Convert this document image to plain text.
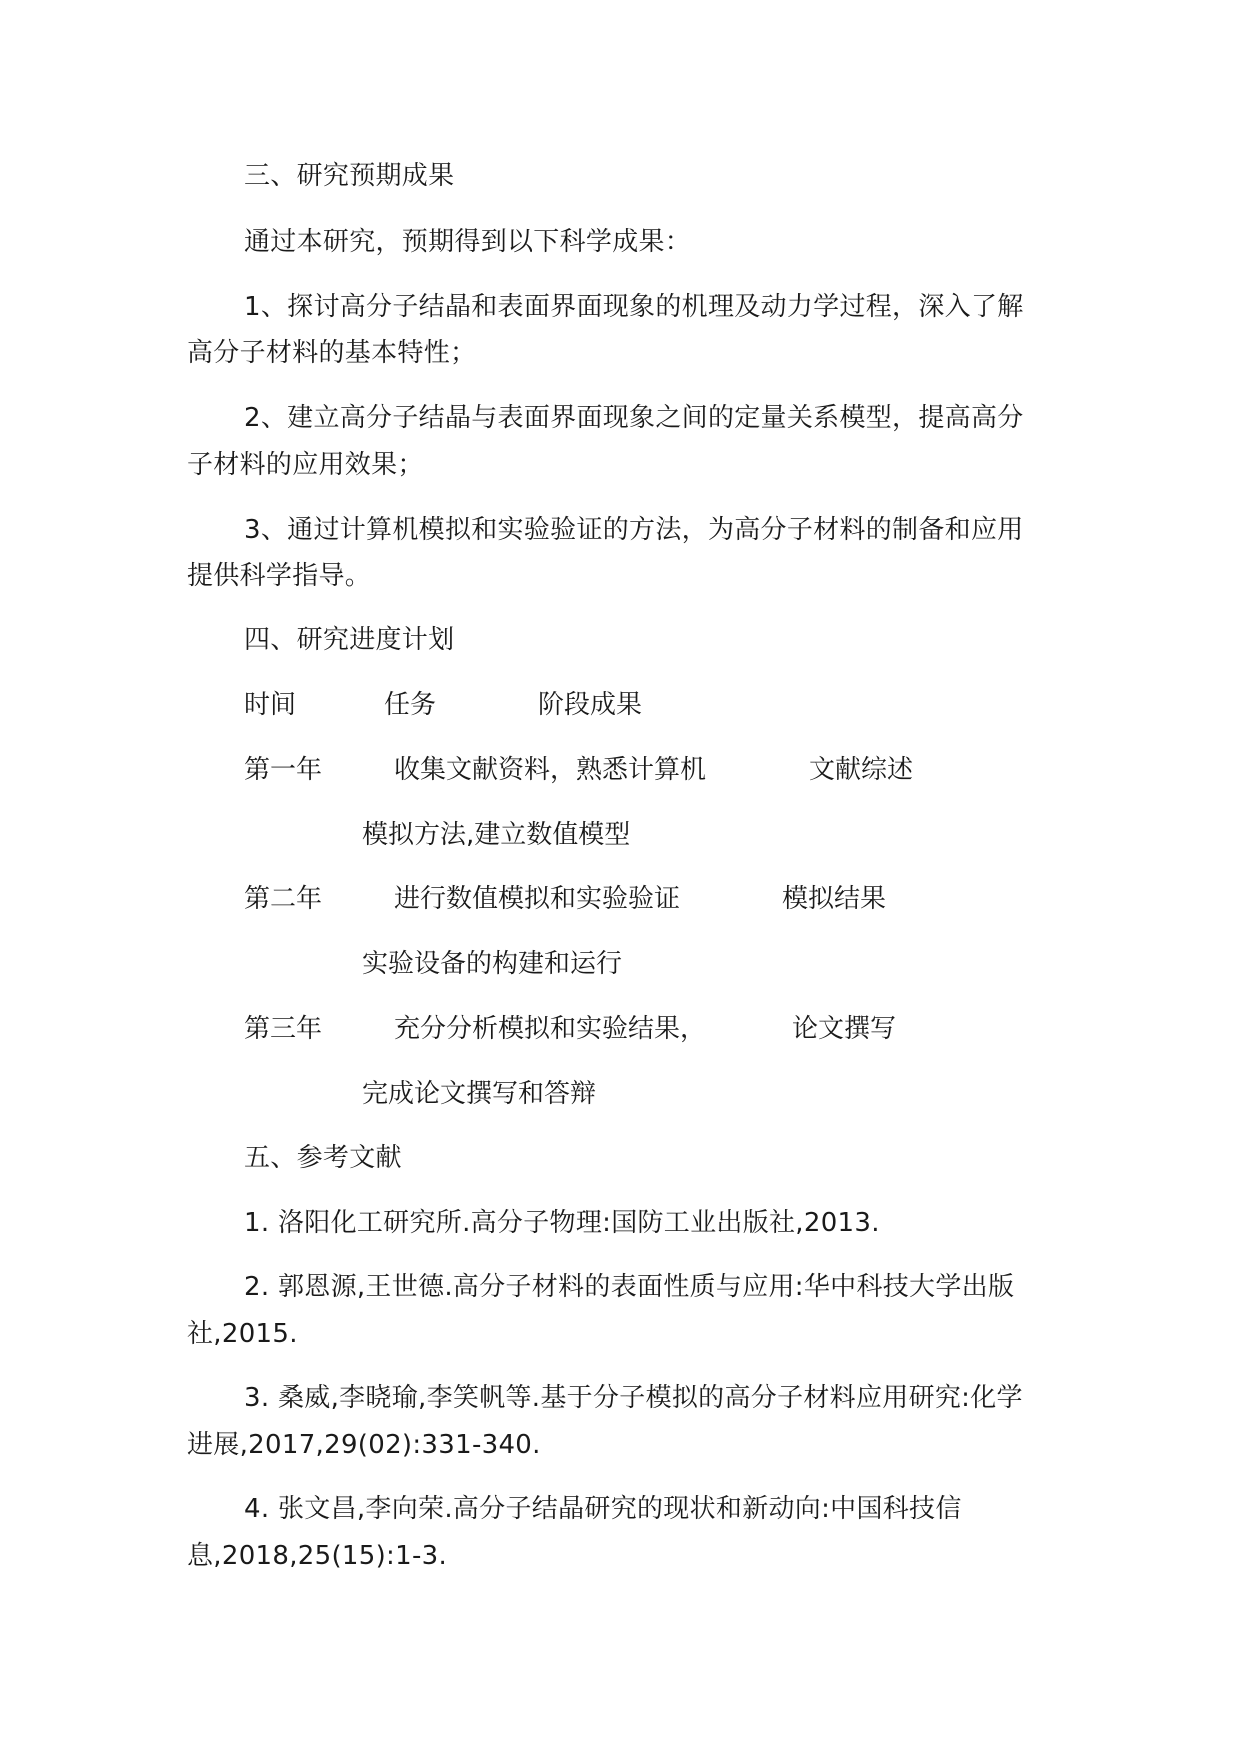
三、研究预期成果
通过本研究，预期得到以下科学成果：
1、探讨高分子结晶和表面界面现象的机理及动力学过程，深入了解
高分子材料的基本特性；
2、建立高分子结晶与表面界面现象之间的定量关系模型，提高高分
子材料的应用效果；
3、通过计算机模拟和实验验证的方法，为高分子材料的制备和应用
提供科学指导。
四、研究进度计划
时间	任务	阶段成果
第一年	收集文献资料，熟悉计算机	文献综述
模拟方法,建立数值模型
第二年	进行数值模拟和实验验证	模拟结果
实验设备的构建和运行
第三年	充分分析模拟和实验结果，	论文撰写
完成论文撰写和答辩
五、参考文献
1. 洛阳化工研究所.高分子物理:国防工业出版社,2013.
2. 郭恩源,王世德.高分子材料的表面性质与应用:华中科技大学出版
社,2015.
3. 桑威,李晓瑜,李笑帆等.基于分子模拟的高分子材料应用研究:化学
进展,2017,29(02):331-340.
4. 张文昌,李向荣.高分子结晶研究的现状和新动向:中国科技信
息,2018,25(15):1-3.
